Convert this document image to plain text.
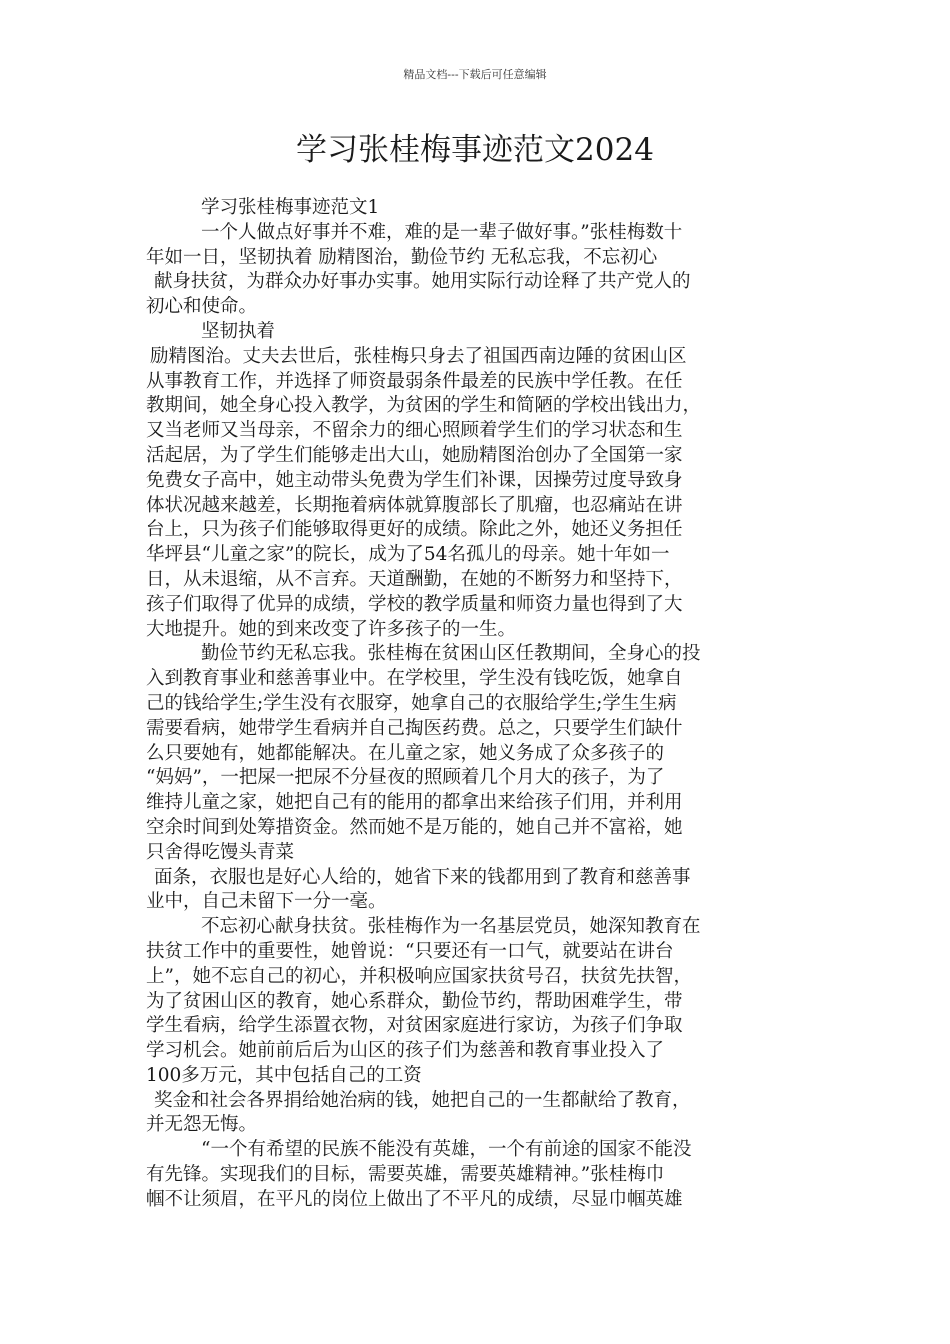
精品文档---下载后可任意编辑
学习张桂梅事迹范文2024
学习张桂梅事迹范文1
一个人做点好事并不难，难的是一辈子做好事。”张桂梅数十
年如一日，坚韧执着 励精图治，勤俭节约 无私忘我，不忘初心
献身扶贫，为群众办好事办实事。她用实际行动诠释了共产党人的
初心和使命。
坚韧执着
励精图治。丈夫去世后，张桂梅只身去了祖国西南边陲的贫困山区
从事教育工作，并选择了师资最弱条件最差的民族中学任教。在任
教期间，她全身心投入教学，为贫困的学生和简陋的学校出钱出力，
又当老师又当母亲，不留余力的细心照顾着学生们的学习状态和生
活起居，为了学生们能够走出大山，她励精图治创办了全国第一家
免费女子高中，她主动带头免费为学生们补课，因操劳过度导致身
体状况越来越差，长期拖着病体就算腹部长了肌瘤，也忍痛站在讲
台上，只为孩子们能够取得更好的成绩。除此之外，她还义务担任
华坪县“儿童之家”的院长，成为了54名孤儿的母亲。她十年如一
日，从未退缩，从不言弃。天道酬勤，在她的不断努力和坚持下，
孩子们取得了优异的成绩，学校的教学质量和师资力量也得到了大
大地提升。她的到来改变了许多孩子的一生。
勤俭节约无私忘我。张桂梅在贫困山区任教期间，全身心的投
入到教育事业和慈善事业中。在学校里，学生没有钱吃饭，她拿自
己的钱给学生;学生没有衣服穿，她拿自己的衣服给学生;学生生病
需要看病，她带学生看病并自己掏医药费。总之，只要学生们缺什
么只要她有，她都能解决。在儿童之家，她义务成了众多孩子的
“妈妈”，一把屎一把尿不分昼夜的照顾着几个月大的孩子，为了
维持儿童之家，她把自己有的能用的都拿出来给孩子们用，并利用
空余时间到处筹措资金。然而她不是万能的，她自己并不富裕，她
只舍得吃馒头青菜
面条，衣服也是好心人给的，她省下来的钱都用到了教育和慈善事
业中，自己未留下一分一毫。
不忘初心献身扶贫。张桂梅作为一名基层党员，她深知教育在
扶贫工作中的重要性，她曾说：“只要还有一口气，就要站在讲台
上”，她不忘自己的初心，并积极响应国家扶贫号召，扶贫先扶智，
为了贫困山区的教育，她心系群众，勤俭节约，帮助困难学生，带
学生看病，给学生添置衣物，对贫困家庭进行家访，为孩子们争取
学习机会。她前前后后为山区的孩子们为慈善和教育事业投入了
100多万元，其中包括自己的工资
奖金和社会各界捐给她治病的钱，她把自己的一生都献给了教育，
并无怨无悔。
“一个有希望的民族不能没有英雄，一个有前途的国家不能没
有先锋。实现我们的目标，需要英雄，需要英雄精神。”张桂梅巾
帼不让须眉，在平凡的岗位上做出了不平凡的成绩，尽显巾帼英雄
